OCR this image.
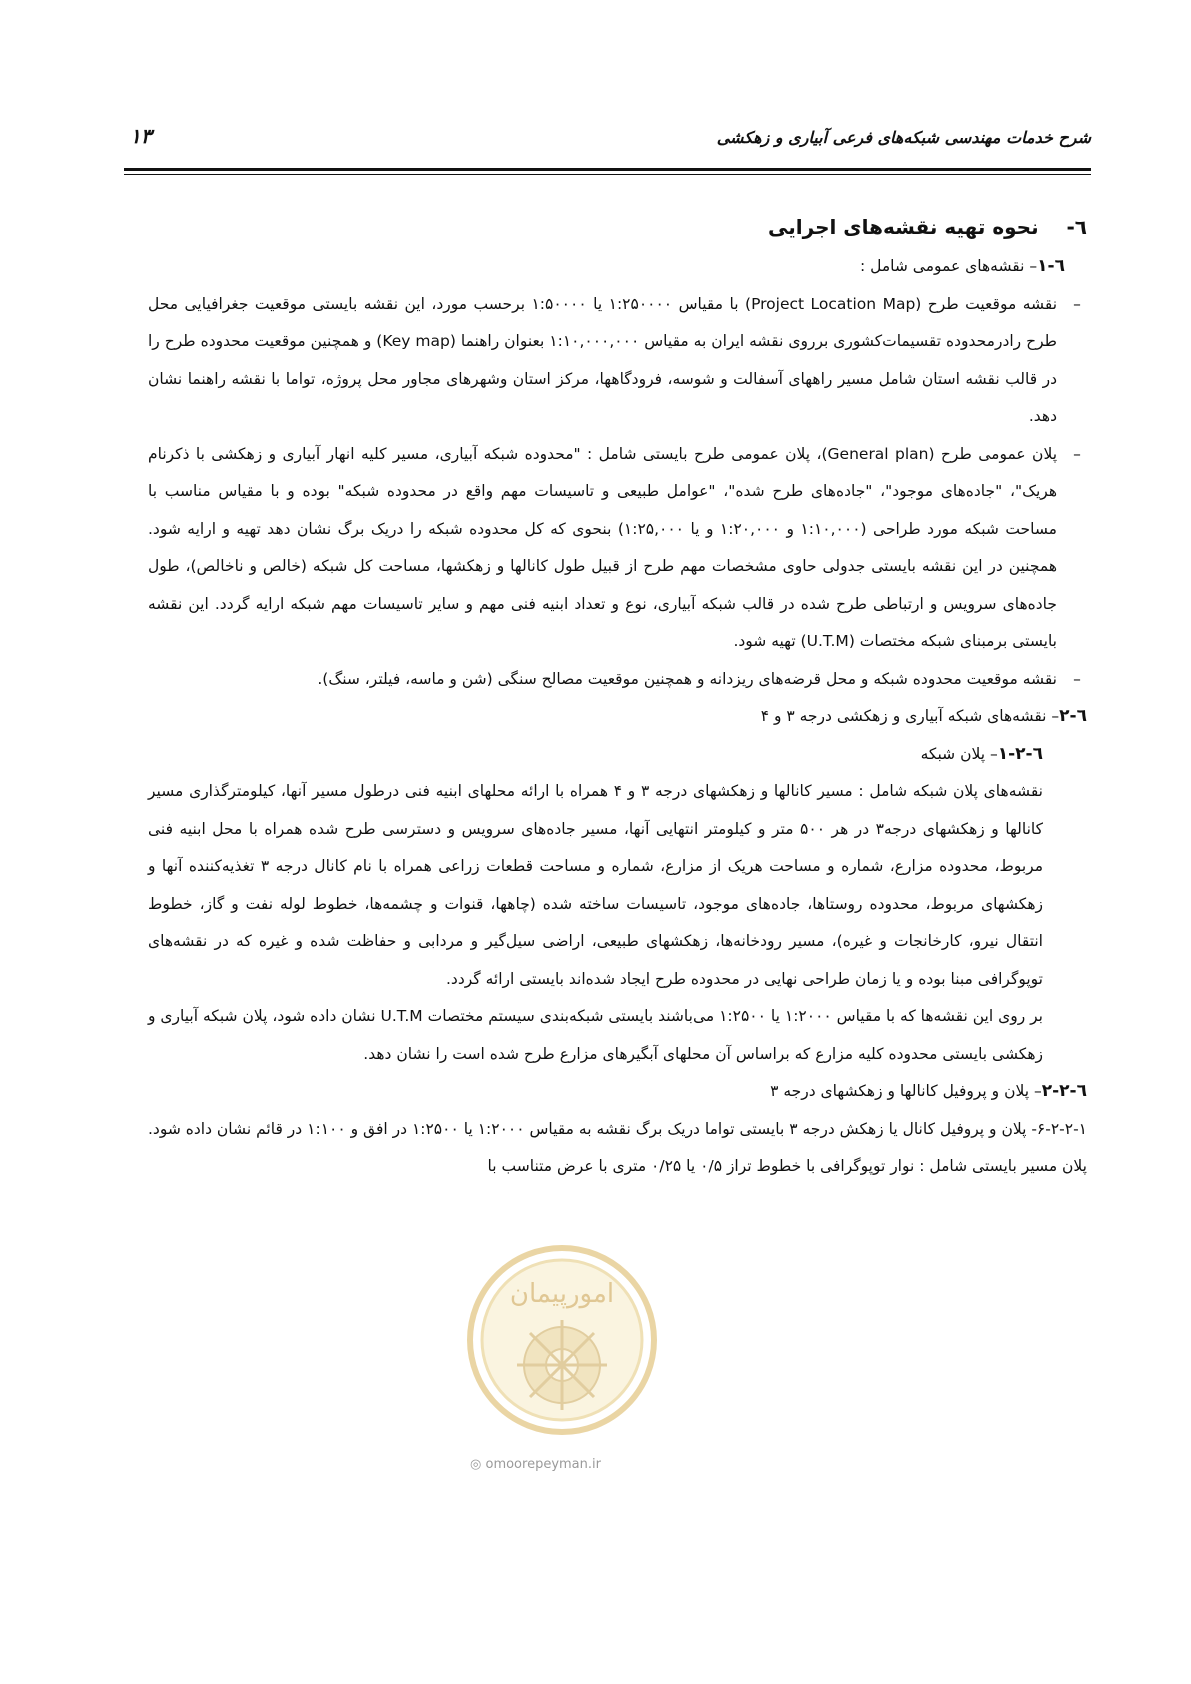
۱۳	شرح خدمات مهندسی شبکه‌های فرعی آبیاری و زهکشی

٦-    نحوه تهیه نقشه‌های اجرایی

٦-١– نقشه‌های عمومی شامل :

–
نقشه موقعیت طرح (Project Location Map) با مقیاس ۱:۲۵۰۰۰۰ یا ۱:۵۰۰۰۰ برحسب مورد، این نقشه بایستی موقعیت جغرافیایی محل طرح رادرمحدوده تقسیمات‌کشوری برروی نقشه ایران به مقیاس ۱:۱۰,۰۰۰,۰۰۰ بعنوان راهنما (Key map) و همچنین موقعیت محدوده طرح را در قالب نقشه استان شامل مسیر راههای آسفالت و شوسه، فرودگاهها، مرکز استان وشهرهای مجاور محل پروژه، تواما با نقشه راهنما نشان دهد.

–
پلان عمومی طرح (General plan)، پلان عمومی طرح بایستی شامل : "محدوده شبکه آبیاری، مسیر کلیه انهار آبیاری و زهکشی با ذکرنام هریک"، "جاده‌های موجود"، "جاده‌های طرح شده"، "عوامل طبیعی و تاسیسات مهم واقع در محدوده شبکه" بوده و با مقیاس مناسب با مساحت شبکه مورد طراحی (۱:۱۰,۰۰۰ و ۱:۲۰,۰۰۰ و یا ۱:۲۵,۰۰۰) بنحوی که کل محدوده شبکه را دریک برگ نشان دهد تهیه و ارایه شود. همچنین در این نقشه بایستی جدولی حاوی مشخصات مهم طرح از قبیل طول کانالها و زهکشها، مساحت کل شبکه (خالص و ناخالص)، طول جاده‌های سرویس و ارتباطی طرح شده در قالب شبکه آبیاری، نوع و تعداد ابنیه فنی مهم و سایر تاسیسات مهم شبکه ارایه گردد. این نقشه بایستی برمبنای شبکه مختصات (U.T.M) تهیه شود.

–
نقشه موقعیت محدوده شبکه و محل قرضه‌های ریزدانه و همچنین موقعیت مصالح سنگی (شن و ماسه، فیلتر، سنگ).

٦-٢– نقشه‌های شبکه آبیاری و زهکشی درجه ۳ و ۴

٦-٢-١– پلان شبکه

نقشه‌های پلان شبکه شامل : مسیر کانالها و زهکشهای درجه ۳ و ۴ همراه با ارائه محلهای ابنیه فنی درطول مسیر آنها، کیلومترگذاری مسیر کانالها و زهکشهای درجه۳ در هر ۵۰۰ متر و کیلومتر انتهایی آنها، مسیر جاده‌های سرویس و دسترسی طرح شده همراه با محل ابنیه فنی مربوط، محدوده مزارع، شماره و مساحت هریک از مزارع، شماره و مساحت قطعات زراعی همراه با نام کانال درجه ۳ تغذیه‌کننده آنها و زهکشهای مربوط، محدوده روستاها، جاده‌های موجود، تاسیسات ساخته شده (چاهها، قنوات و چشمه‌ها، خطوط لوله نفت و گاز، خطوط انتقال نیرو، کارخانجات و غیره)، مسیر رودخانه‌ها، زهکشهای طبیعی، اراضی سیل‌گیر و مردابی و حفاظت شده و غیره که در نقشه‌های توپوگرافی مبنا بوده و یا زمان طراحی نهایی در محدوده طرح ایجاد شده‌اند بایستی ارائه گردد.

بر روی این نقشه‌ها که با مقیاس ۱:۲۰۰۰ یا ۱:۲۵۰۰ می‌باشند بایستی شبکه‌بندی سیستم مختصات U.T.M نشان داده شود، پلان شبکه آبیاری و زهکشی بایستی محدوده کلیه مزارع که براساس آن محلهای آبگیرهای مزارع طرح شده است را نشان دهد.

٦-٢-٢– پلان و پروفیل کانالها و زهکشهای درجه ۳

۶-۲-۲-۱- پلان و پروفیل کانال یا زهکش درجه ۳ بایستی تواما دریک برگ نقشه به مقیاس ۱:۲۰۰۰ یا ۱:۲۵۰۰ در افق و ۱:۱۰۰ در قائم نشان داده شود. پلان مسیر بایستی شامل : نوار توپوگرافی با خطوط تراز ۰/۵ یا ۰/۲۵ متری با عرض متناسب با

امورپیمان
◎ omoorepeyman.ir
